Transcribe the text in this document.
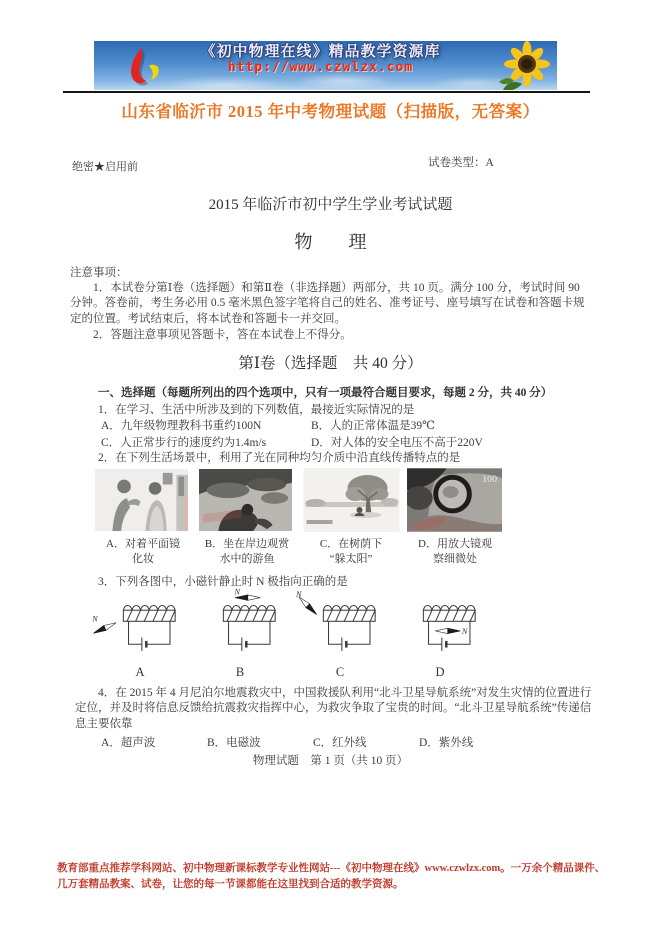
《初中物理在线》精品教学资源库
http://www.czwlzx.com
山东省临沂市 2015 年中考物理试题（扫描版，无答案）
绝密★启用前	试卷类型：A
2015 年临沂市初中学生学业考试试题
物　　理
注意事项：
1．本试卷分第Ⅰ卷（选择题）和第Ⅱ卷（非选择题）两部分，共 10 页。满分 100 分，考试时间 90 分钟。答卷前，考生务必用 0.5 毫米黑色签字笔将自己的姓名、准考证号、座号填写在试卷和答题卡规定的位置。考试结束后，将本试卷和答题卡一并交回。
2．答题注意事项见答题卡，答在本试卷上不得分。
第Ⅰ卷（选择题　共 40 分）
一、选择题（每题所列出的四个选项中，只有一项最符合题目要求，每题 2 分，共 40 分）
1．在学习、生活中所涉及到的下列数值，最接近实际情况的是
A．九年级物理教科书重约100N	B．人的正常体温是39℃
C．人正常步行的速度约为1.4m/s	D．对人体的安全电压不高于220V
2．在下列生活场景中，利用了光在同种均匀介质中沿直线传播特点的是
A．对着平面镜
化妆
B．坐在岸边观赏
水中的游鱼
C．在树荫下
“躲太阳”
100
D．用放大镜观
察细微处
3．下列各图中，小磁针静止时 N 极指向正确的是
N
A
N
B
N
C
N
D
4．在 2015 年 4 月尼泊尔地震救灾中，中国救援队利用“北斗卫星导航系统”对发生灾情的位置进行定位，并及时将信息反馈给抗震救灾指挥中心，为救灾争取了宝贵的时间。“北斗卫星导航系统”传递信息主要依靠
A．超声波	B．电磁波	C．红外线	D．紫外线
物理试题　第 1 页（共 10 页）
教育部重点推荐学科网站、初中物理新课标教学专业性网站---《初中物理在线》www.czwlzx.com。一万余个精品课件、几万套精品教案、试卷，让您的每一节课都能在这里找到合适的教学资源。
